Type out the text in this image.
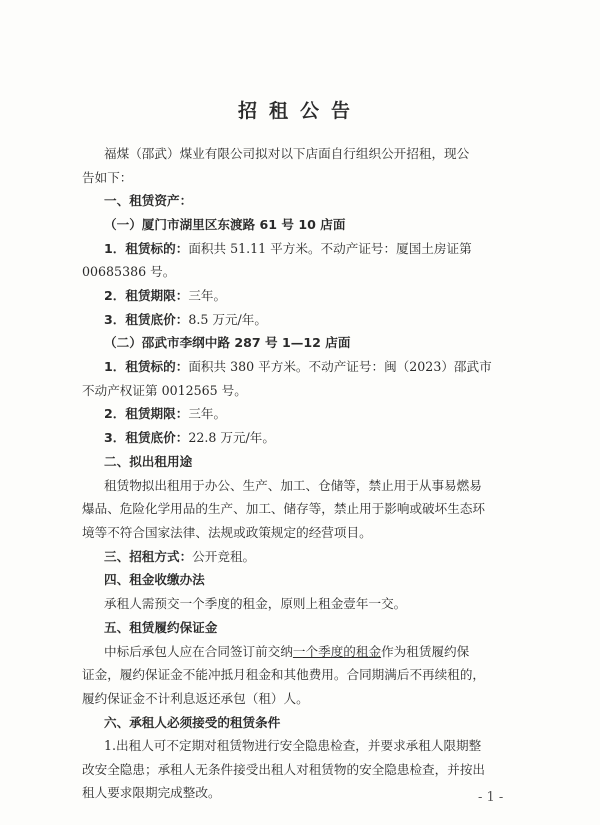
招租公告
福煤（邵武）煤业有限公司拟对以下店面自行组织公开招租，现公
告如下：
一、租赁资产：
（一）厦门市湖里区东渡路 61 号 10 店面
1．租赁标的：面积共 51.11 平方米。不动产证号：厦国土房证第
00685386 号。
2．租赁期限：三年。
3．租赁底价：8.5 万元/年。
（二）邵武市李纲中路 287 号 1—12 店面
1．租赁标的：面积共 380 平方米。不动产证号：闽（2023）邵武市
不动产权证第 0012565 号。
2．租赁期限：三年。
3．租赁底价：22.8 万元/年。
二、拟出租用途
租赁物拟出租用于办公、生产、加工、仓储等，禁止用于从事易燃易
爆品、危险化学用品的生产、加工、储存等，禁止用于影响或破坏生态环
境等不符合国家法律、法规或政策规定的经营项目。
三、招租方式：公开竞租。
四、租金收缴办法
承租人需预交一个季度的租金，原则上租金壹年一交。
五、租赁履约保证金
中标后承包人应在合同签订前交纳一个季度的租金作为租赁履约保
证金，履约保证金不能冲抵月租金和其他费用。合同期满后不再续租的，
履约保证金不计利息返还承包（租）人。
六、承租人必须接受的租赁条件
1.出租人可不定期对租赁物进行安全隐患检查，并要求承租人限期整
改安全隐患；承租人无条件接受出租人对租赁物的安全隐患检查，并按出
租人要求限期完成整改。	- 1 -
